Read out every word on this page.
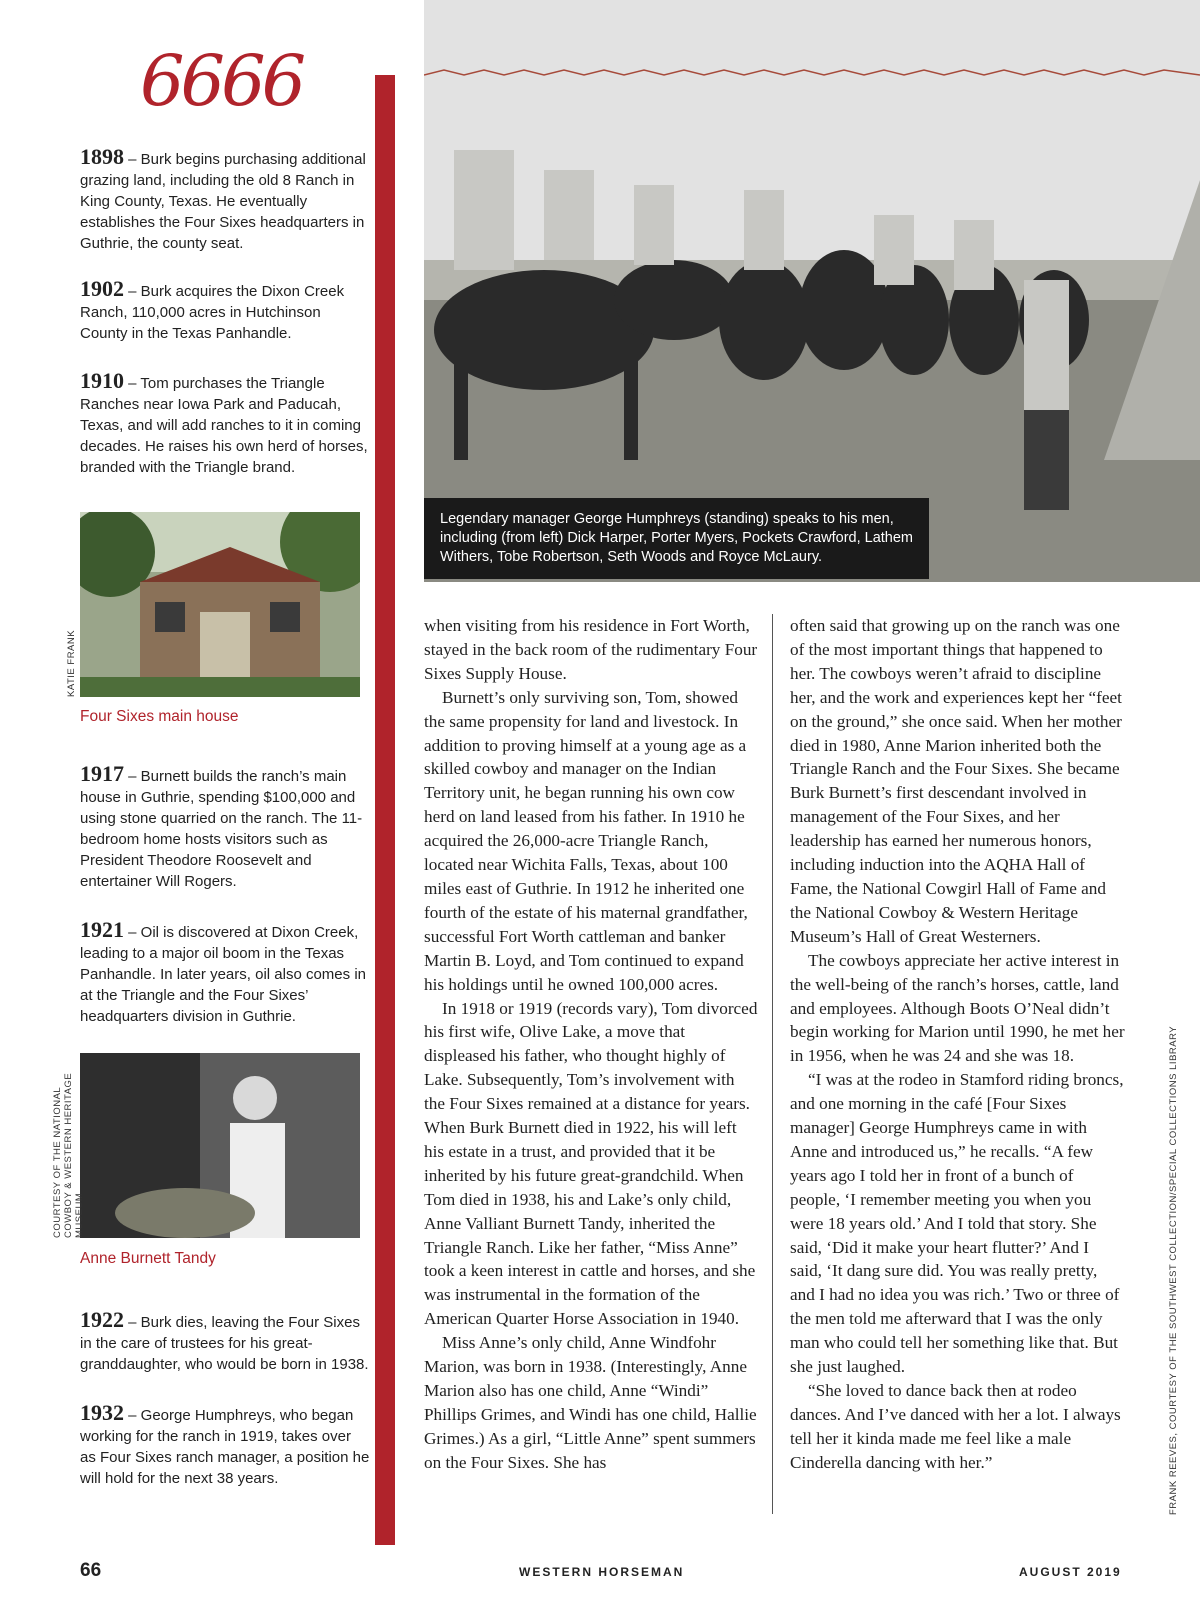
6666
1898 – Burk begins purchasing additional grazing land, including the old 8 Ranch in King County, Texas. He eventually establishes the Four Sixes headquarters in Guthrie, the county seat.
1902 – Burk acquires the Dixon Creek Ranch, 110,000 acres in Hutchinson County in the Texas Panhandle.
1910 – Tom purchases the Triangle Ranches near Iowa Park and Paducah, Texas, and will add ranches to it in coming decades. He raises his own herd of horses, branded with the Triangle brand.
KATIE FRANK
Four Sixes main house
1917 – Burnett builds the ranch’s main house in Guthrie, spending $100,000 and using stone quarried on the ranch. The 11-bedroom home hosts visitors such as President Theodore Roosevelt and entertainer Will Rogers.
1921 – Oil is discovered at Dixon Creek, leading to a major oil boom in the Texas Panhandle. In later years, oil also comes in at the Triangle and the Four Sixes’ headquarters division in Guthrie.
COURTESY OF THE NATIONAL COWBOY & WESTERN HERITAGE MUSEUM
Anne Burnett Tandy
1922 – Burk dies, leaving the Four Sixes in the care of trustees for his great-granddaughter, who would be born in 1938.
1932 – George Humphreys, who began working for the ranch in 1919, takes over as Four Sixes ranch manager, a position he will hold for the next 38 years.
Legendary manager George Humphreys (standing) speaks to his men, including (from left) Dick Harper, Porter Myers, Pockets Crawford, Lathem Withers, Tobe Robertson, Seth Woods and Royce McLaury.
FRANK REEVES, COURTESY OF THE SOUTHWEST COLLECTION/SPECIAL COLLECTIONS LIBRARY

when visiting from his residence in Fort Worth, stayed in the back room of the rudimentary Four Sixes Supply House.

Burnett’s only surviving son, Tom, showed the same propensity for land and livestock. In addition to proving himself at a young age as a skilled cowboy and manager on the Indian Territory unit, he began running his own cow herd on land leased from his father. In 1910 he acquired the 26,000-acre Triangle Ranch, located near Wichita Falls, Texas, about 100 miles east of Guthrie. In 1912 he inherited one fourth of the estate of his maternal grandfather, successful Fort Worth cattleman and banker Martin B. Loyd, and Tom continued to expand his holdings until he owned 100,000 acres.

In 1918 or 1919 (records vary), Tom divorced his first wife, Olive Lake, a move that displeased his father, who thought highly of Lake. Subsequently, Tom’s involvement with the Four Sixes remained at a distance for years. When Burk Burnett died in 1922, his will left his estate in a trust, and provided that it be inherited by his future great-grandchild. When Tom died in 1938, his and Lake’s only child, Anne Valliant Burnett Tandy, inherited the Triangle Ranch. Like her father, “Miss Anne” took a keen interest in cattle and horses, and she was instrumental in the formation of the American Quarter Horse Association in 1940.

Miss Anne’s only child, Anne Windfohr Marion, was born in 1938. (Interestingly, Anne Marion also has one child, Anne “Windi” Phillips Grimes, and Windi has one child, Hallie Grimes.) As a girl, “Little Anne” spent summers on the Four Sixes. She has

often said that growing up on the ranch was one of the most important things that happened to her. The cowboys weren’t afraid to discipline her, and the work and experiences kept her “feet on the ground,” she once said. When her mother died in 1980, Anne Marion inherited both the Triangle Ranch and the Four Sixes. She became Burk Burnett’s first descendant involved in management of the Four Sixes, and her leadership has earned her numerous honors, including induction into the AQHA Hall of Fame, the National Cowgirl Hall of Fame and the National Cowboy & Western Heritage Museum’s Hall of Great Westerners.

The cowboys appreciate her active interest in the well-being of the ranch’s horses, cattle, land and employees. Although Boots O’Neal didn’t begin working for Marion until 1990, he met her in 1956, when he was 24 and she was 18.

“I was at the rodeo in Stamford riding broncs, and one morning in the café [Four Sixes manager] George Humphreys came in with Anne and introduced us,” he recalls. “A few years ago I told her in front of a bunch of people, ‘I remember meeting you when you were 18 years old.’ And I told that story. She said, ‘Did it make your heart flutter?’ And I said, ‘It dang sure did. You was really pretty, and I had no idea you was rich.’ Two or three of the men told me afterward that I was the only man who could tell her something like that. But she just laughed.

“She loved to dance back then at rodeo dances. And I’ve danced with her a lot. I always tell her it kinda made me feel like a male Cinderella dancing with her.”

66	WESTERN HORSEMAN	AUGUST 2019
